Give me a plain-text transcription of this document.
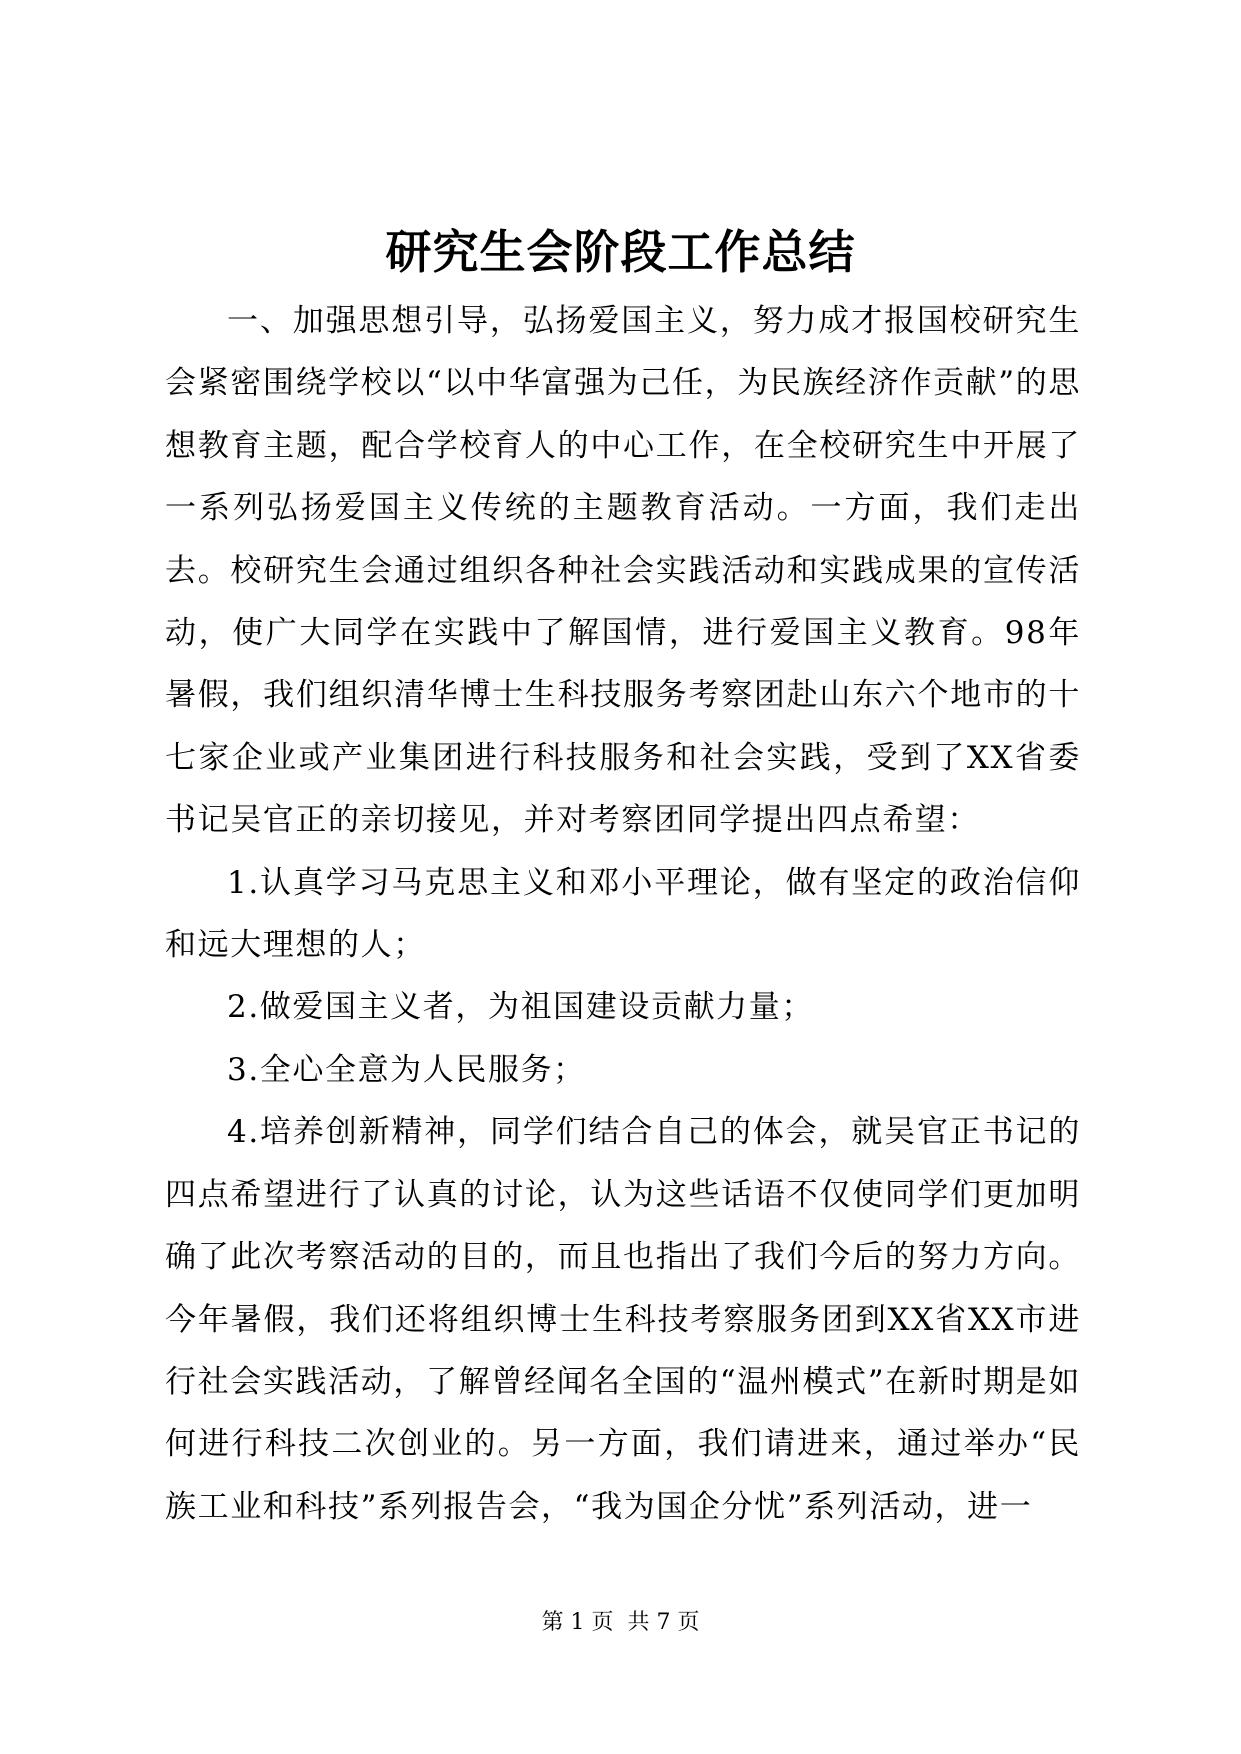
研究生会阶段工作总结

一、加强思想引导，弘扬爱国主义，努力成才报国校研究生会紧密围绕学校以“以中华富强为己任，为民族经济作贡献”的思想教育主题，配合学校育人的中心工作，在全校研究生中开展了一系列弘扬爱国主义传统的主题教育活动。一方面，我们走出去。校研究生会通过组织各种社会实践活动和实践成果的宣传活动，使广大同学在实践中了解国情，进行爱国主义教育。98年暑假，我们组织清华博士生科技服务考察团赴山东六个地市的十七家企业或产业集团进行科技服务和社会实践，受到了XX省委书记吴官正的亲切接见，并对考察团同学提出四点希望：

1.认真学习马克思主义和邓小平理论，做有坚定的政治信仰和远大理想的人；

2.做爱国主义者，为祖国建设贡献力量；

3.全心全意为人民服务；

4.培养创新精神，同学们结合自己的体会，就吴官正书记的四点希望进行了认真的讨论，认为这些话语不仅使同学们更加明确了此次考察活动的目的，而且也指出了我们今后的努力方向。今年暑假，我们还将组织博士生科技考察服务团到XX省XX市进行社会实践活动，了解曾经闻名全国的“温州模式”在新时期是如何进行科技二次创业的。另一方面，我们请进来，通过举办“民族工业和科技”系列报告会，“我为国企分忧”系列活动，进一

第 1 页  共 7 页
